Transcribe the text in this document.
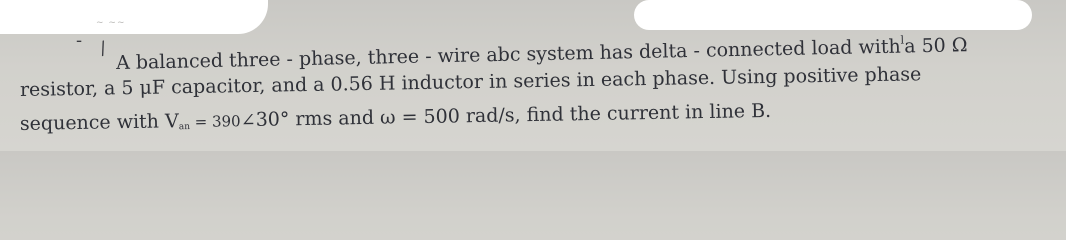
~ ~~
- / A balanced three - phase, three - wire abc system has delta - connected load with$^l$a 50 Ω
resistor, a 5 μF capacitor, and a 0.56 H inductor in series in each phase. Using positive phase
sequence with $V_{an}$ = 390∠30° rms and ω = 500 rad/s, find the current in line B.
